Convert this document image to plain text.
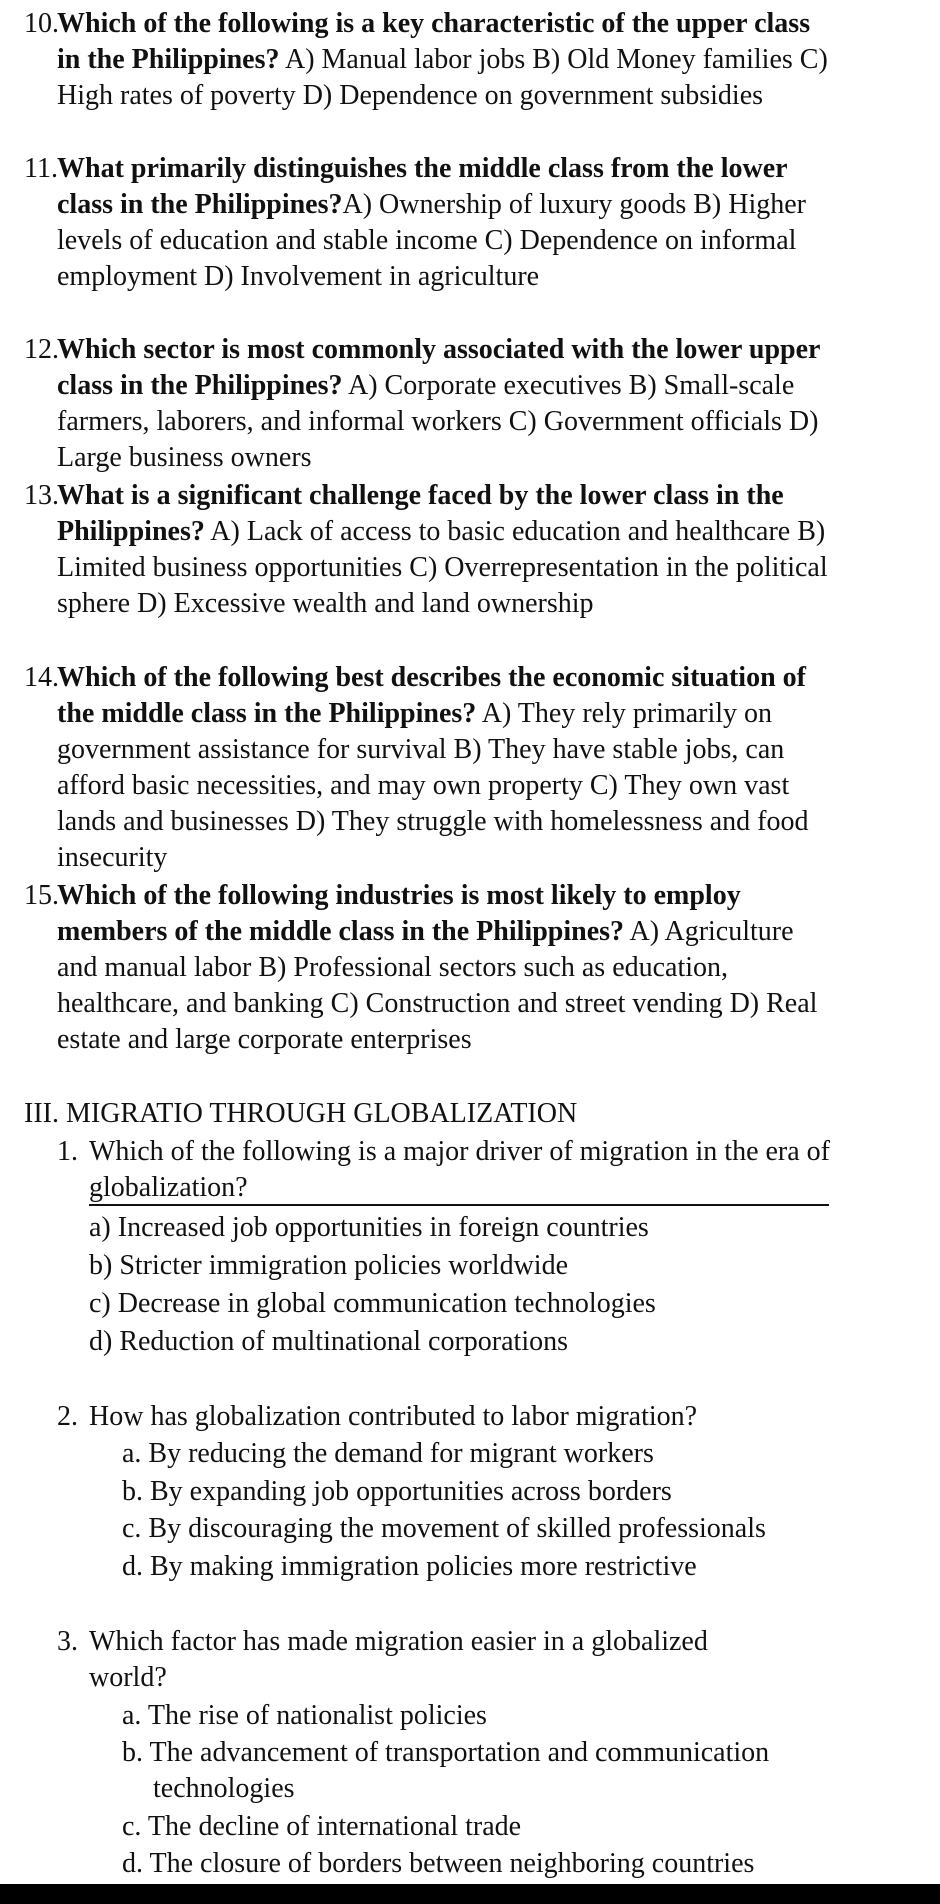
10.
Which of the following is a key characteristic of the upper class in the Philippines? A) Manual labor jobs B) Old Money families C) High rates of poverty D) Dependence on government subsidies
11. What primarily distinguishes the middle class from the lower class in the Philippines?A) Ownership of luxury goods B) Higher levels of education and stable income C) Dependence on informal employment D) Involvement in agriculture
12.
Which sector is most commonly associated with the lower upper class in the Philippines? A) Corporate executives B) Small-scale farmers, laborers, and informal workers C) Government officials D) Large business owners
13.
What is a significant challenge faced by the lower class in the Philippines? A) Lack of access to basic education and healthcare B) Limited business opportunities C) Overrepresentation in the political sphere D) Excessive wealth and land ownership
14.
Which of the following best describes the economic situation of the middle class in the Philippines? A) They rely primarily on government assistance for survival B) They have stable jobs, can afford basic necessities, and may own property C) They own vast lands and businesses D) They struggle with homelessness and food insecurity
15.
Which of the following industries is most likely to employ members of the middle class in the Philippines? A) Agriculture and manual labor B) Professional sectors such as education, healthcare, and banking C) Construction and street vending D) Real estate and large corporate enterprises
III. MIGRATIO THROUGH GLOBALIZATION
1. Which of the following is a major driver of migration in the era of globalization?
a) Increased job opportunities in foreign countries
b) Stricter immigration policies worldwide
c) Decrease in global communication technologies
d) Reduction of multinational corporations
2. How has globalization contributed to labor migration?
a. By reducing the demand for migrant workers
b. By expanding job opportunities across borders
c. By discouraging the movement of skilled professionals
d. By making immigration policies more restrictive
3. Which factor has made migration easier in a globalized world?
a. The rise of nationalist policies
b. The advancement of transportation and communication technologies
c. The decline of international trade
d. The closure of borders between neighboring countries
